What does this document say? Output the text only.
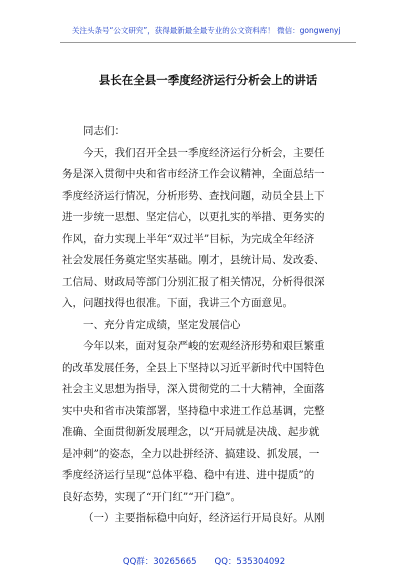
关注头条号“公文研究”，获得最新最全最专业的公文资料库！ 微信：gongwenyj
县长在全县一季度经济运行分析会上的讲话
同志们：
今天，我们召开全县一季度经济运行分析会，主要任
务是深入贯彻中央和省市经济工作会议精神，全面总结一
季度经济运行情况，分析形势、查找问题，动员全县上下
进一步统一思想、坚定信心，以更扎实的举措、更务实的
作风，奋力实现上半年“双过半”目标，为完成全年经济
社会发展任务奠定坚实基础。刚才，县统计局、发改委、
工信局、财政局等部门分别汇报了相关情况，分析得很深
入，问题找得也很准。下面，我讲三个方面意见。
一、充分肯定成绩，坚定发展信心
今年以来，面对复杂严峻的宏观经济形势和艰巨繁重
的改革发展任务，全县上下坚持以习近平新时代中国特色
社会主义思想为指导，深入贯彻党的二十大精神，全面落
实中央和省市决策部署，坚持稳中求进工作总基调，完整
准确、全面贯彻新发展理念，以“开局就是决战、起步就
是冲刺”的姿态，全力以赴拼经济、搞建设、抓发展，一
季度经济运行呈现“总体平稳、稳中有进、进中提质”的
良好态势，实现了“开门红”“开门稳”。
（一）主要指标稳中向好，经济运行开局良好。从刚
QQ群：30265665 QQ：535304092
